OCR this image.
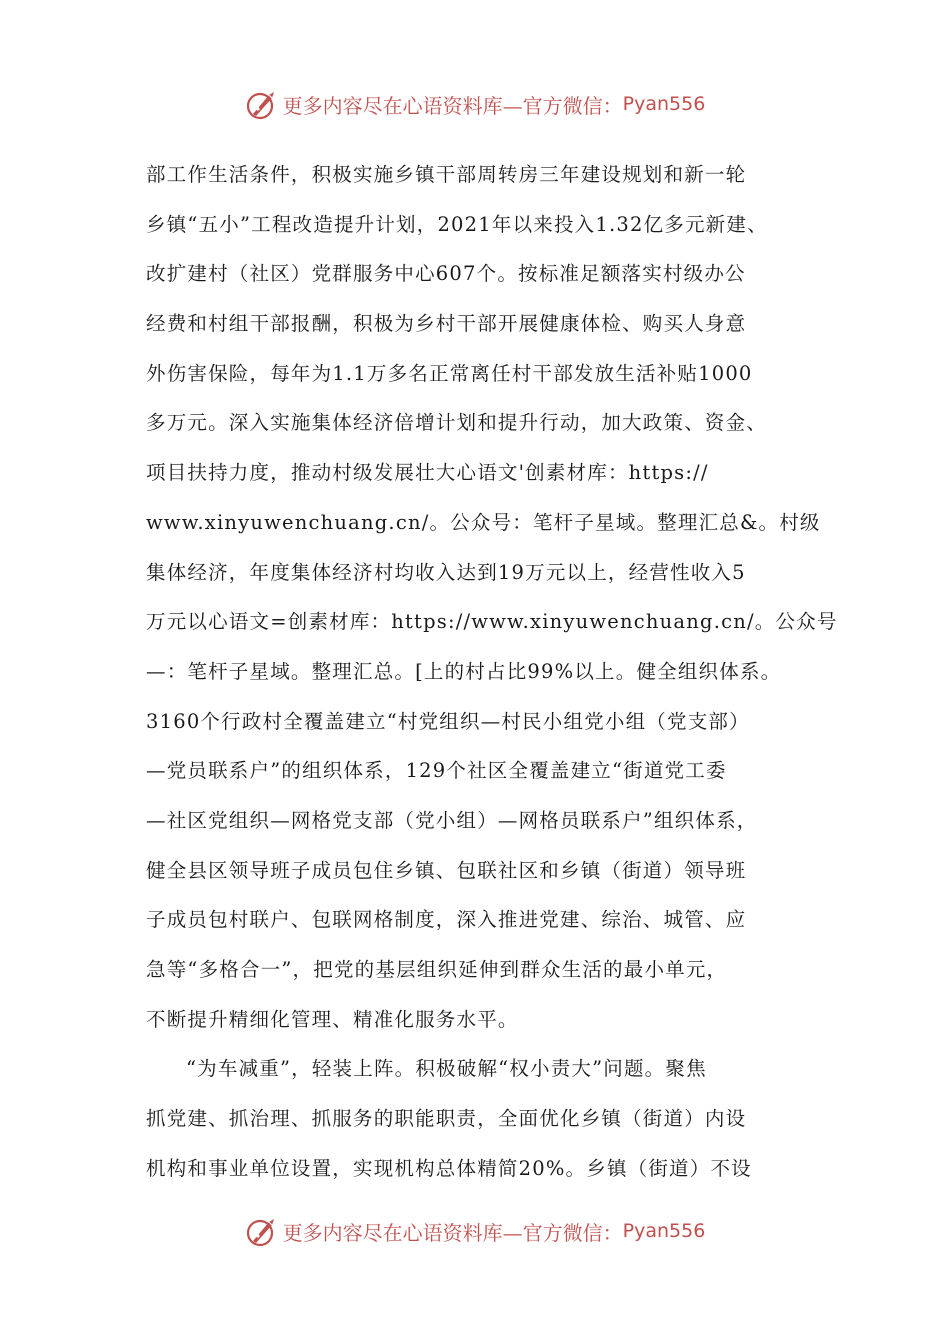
更多内容尽在心语资料库—官方微信： Pyan556
部工作生活条件，积极实施乡镇干部周转房三年建设规划和新一轮
乡镇“五小”工程改造提升计划，2021年以来投入1.32亿多元新建、
改扩建村（社区）党群服务中心607个。按标准足额落实村级办公
经费和村组干部报酬，积极为乡村干部开展健康体检、购买人身意
外伤害保险，每年为1.1万多名正常离任村干部发放生活补贴1000
多万元。深入实施集体经济倍增计划和提升行动，加大政策、资金、
项目扶持力度，推动村级发展壮大心语文'创素材库：https://
www.xinyuwenchuang.cn/。公众号：笔杆子星域。整理汇总&。村级
集体经济，年度集体经济村均收入达到19万元以上，经营性收入5
万元以心语文=创素材库：https://www.xinyuwenchuang.cn/。公众号
—：笔杆子星域。整理汇总。[上的村占比99%以上。健全组织体系。
3160个行政村全覆盖建立“村党组织—村民小组党小组（党支部）
—党员联系户”的组织体系，129个社区全覆盖建立“街道党工委
—社区党组织—网格党支部（党小组）—网格员联系户”组织体系，
健全县区领导班子成员包住乡镇、包联社区和乡镇（街道）领导班
子成员包村联户、包联网格制度，深入推进党建、综治、城管、应
急等“多格合一”，把党的基层组织延伸到群众生活的最小单元，
不断提升精细化管理、精准化服务水平。
“为车减重”，轻装上阵。积极破解“权小责大”问题。聚焦
抓党建、抓治理、抓服务的职能职责，全面优化乡镇（街道）内设
机构和事业单位设置，实现机构总体精简20%。乡镇（街道）不设
更多内容尽在心语资料库—官方微信： Pyan556
